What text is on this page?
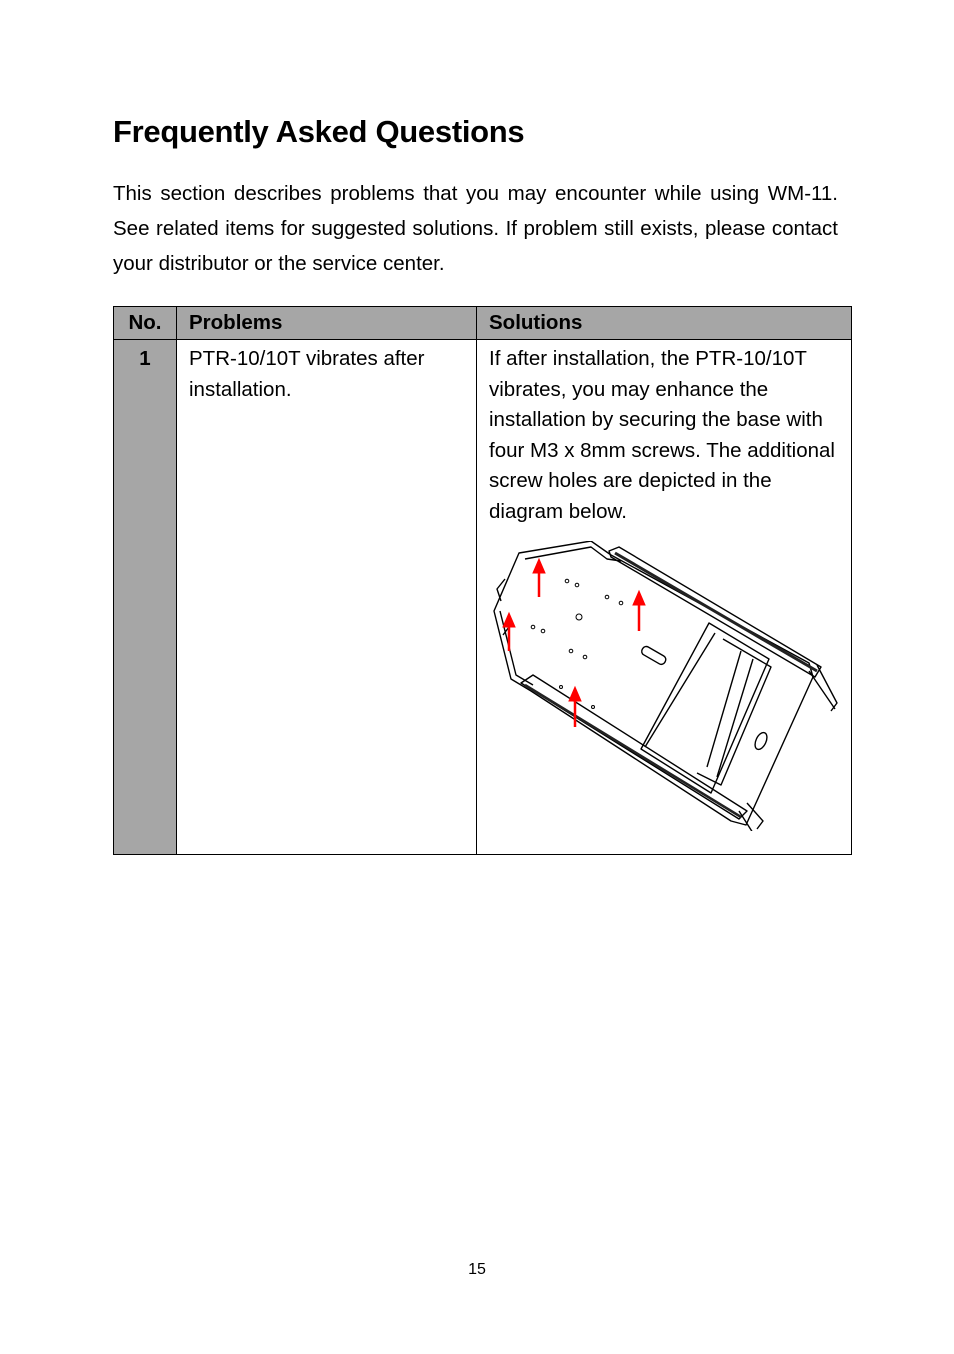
Frequently Asked Questions

This section describes problems that you may encounter while using WM-11. See related items for suggested solutions. If problem still exists, please contact your distributor or the service center.

No.	Problems	Solutions
1	PTR-10/10T vibrates after installation.	If after installation, the PTR-10/10T vibrates, you may enhance the installation by securing the base with four M3 x 8mm screws. The additional screw holes are depicted in the diagram below.
15
